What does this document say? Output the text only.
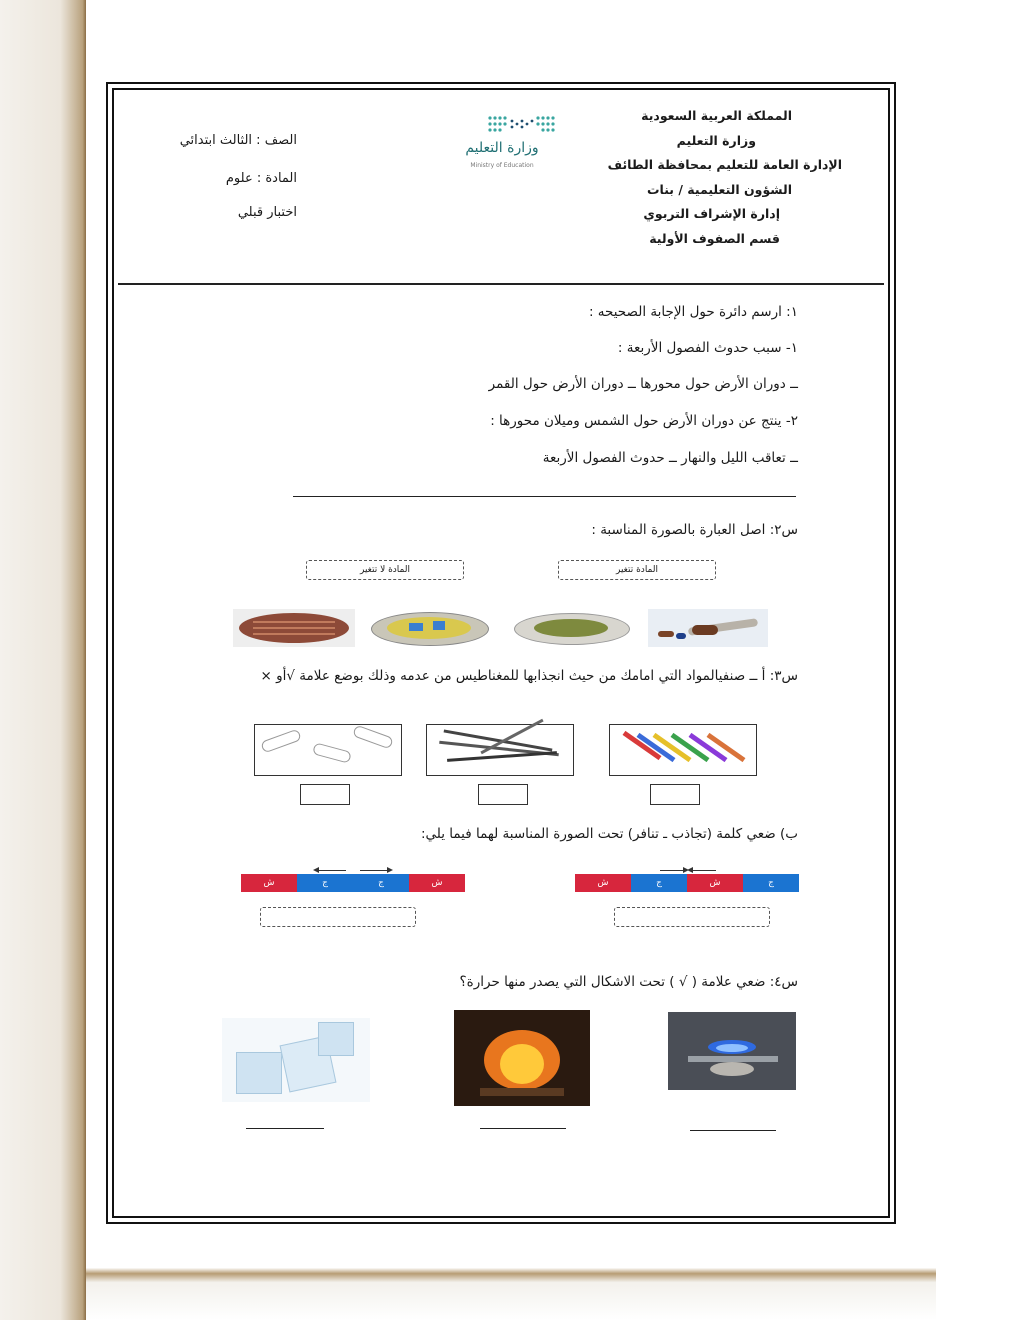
المملكة العربية السعودية
وزارة التعليم
الإدارة العامة للتعليم بمحافظة الطائف
الشؤون التعليمية / بنات
إدارة الإشراف التربوي
قسم الصفوف الأولية
وزارة التعليم
Ministry of Education
الصف : الثالث ابتدائي
المادة : علوم
اختبار قبلي
١: ارسم دائرة حول الإجابة الصحيحه :
١- سبب حدوث الفصول الأربعة :
ــ دوران الأرض حول محورها ــ دوران الأرض حول القمر
٢- ينتج عن دوران الأرض حول الشمس وميلان محورها :
ــ تعاقب الليل والنهار ــ حدوث الفصول الأربعة
س٢: اصل العبارة بالصورة المناسبة :
المادة تتغير
المادة لا تتغير
س٣: أ ــ صنفيالمواد التي امامك من حيث انجذابها للمغناطيس من عدمه وذلك بوضع علامة √أو ×
ب) ضعي كلمة (تجاذب ـ تنافر) تحت الصورة المناسبة لهما فيما يلي:
ش	ج	ش	ج
ش	ج	ج	ش
س٤: ضعي علامة ( √ ) تحت الاشكال التي يصدر منها حرارة؟
